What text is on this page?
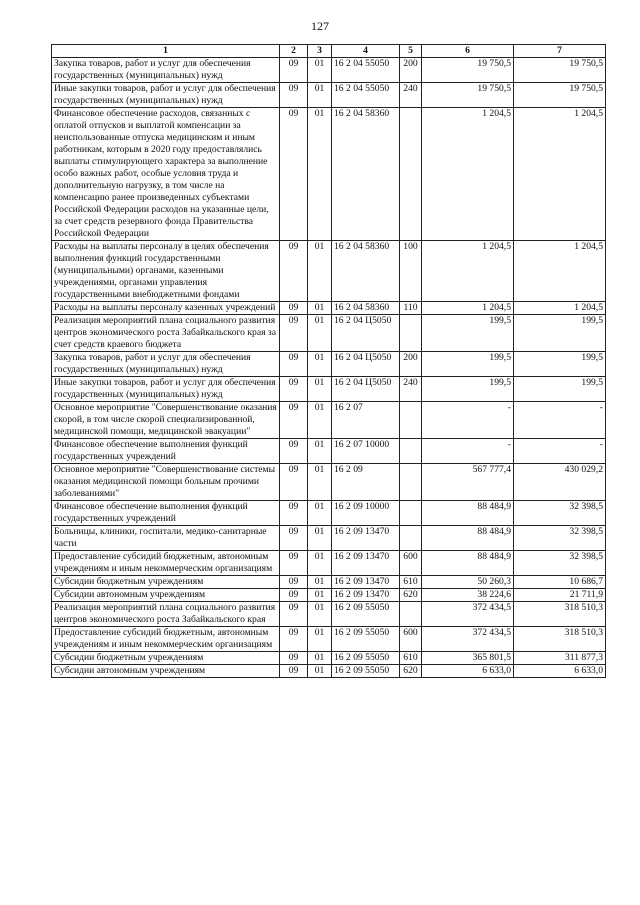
127
1	2	3	4	5	6	7
Закупка товаров, работ и услуг для обеспечения государственных (муниципальных) нужд	09	01	16 2 04 55050	200	19 750,5	19 750,5
Иные закупки товаров, работ и услуг для обеспечения государственных (муниципальных) нужд	09	01	16 2 04 55050	240	19 750,5	19 750,5
Финансовое обеспечение расходов, связанных с оплатой отпусков и выплатой компенсации за неиспользованные отпуска медицинским и иным работникам, которым в 2020 году предоставлялись выплаты стимулирующего характера за выполнение особо важных работ, особые условия труда и дополнительную нагрузку, в том числе на компенсацию ранее произведенных субъектами Российской Федерации расходов на указанные цели, за счет средств резервного фонда Правительства Российской Федерации	09	01	16 2 04 58360		1 204,5	1 204,5
Расходы на выплаты персоналу в целях обеспечения выполнения функций государственными (муниципальными) органами, казенными учреждениями, органами управления государственными внебюджетными фондами	09	01	16 2 04 58360	100	1 204,5	1 204,5
Расходы на выплаты персоналу казенных учреждений	09	01	16 2 04 58360	110	1 204,5	1 204,5
Реализация мероприятий плана социального развития центров экономического роста Забайкальского края за счет средств краевого бюджета	09	01	16 2 04 Ц5050		199,5	199,5
Закупка товаров, работ и услуг для обеспечения государственных (муниципальных) нужд	09	01	16 2 04 Ц5050	200	199,5	199,5
Иные закупки товаров, работ и услуг для обеспечения государственных (муниципальных) нужд	09	01	16 2 04 Ц5050	240	199,5	199,5
Основное мероприятие "Совершенствование оказания скорой, в том числе скорой специализированной, медицинской помощи, медицинской эвакуации"	09	01	16 2 07		-	-
Финансовое обеспечение выполнения функций государственных учреждений	09	01	16 2 07 10000		-	-
Основное мероприятие "Совершенствование системы оказания медицинской помощи больным прочими заболеваниями"	09	01	16 2 09		567 777,4	430 029,2
Финансовое обеспечение выполнения функций государственных учреждений	09	01	16 2 09 10000		88 484,9	32 398,5
Больницы, клиники, госпитали, медико-санитарные части	09	01	16 2 09 13470		88 484,9	32 398,5
Предоставление субсидий бюджетным, автономным учреждениям и иным некоммерческим организациям	09	01	16 2 09 13470	600	88 484,9	32 398,5
Субсидии бюджетным учреждениям	09	01	16 2 09 13470	610	50 260,3	10 686,7
Субсидии автономным учреждениям	09	01	16 2 09 13470	620	38 224,6	21 711,9
Реализация мероприятий плана социального развития центров экономического роста Забайкальского края	09	01	16 2 09 55050		372 434,5	318 510,3
Предоставление субсидий бюджетным, автономным учреждениям и иным некоммерческим организациям	09	01	16 2 09 55050	600	372 434,5	318 510,3
Субсидии бюджетным учреждениям	09	01	16 2 09 55050	610	365 801,5	311 877,3
Субсидии автономным учреждениям	09	01	16 2 09 55050	620	6 633,0	6 633,0
